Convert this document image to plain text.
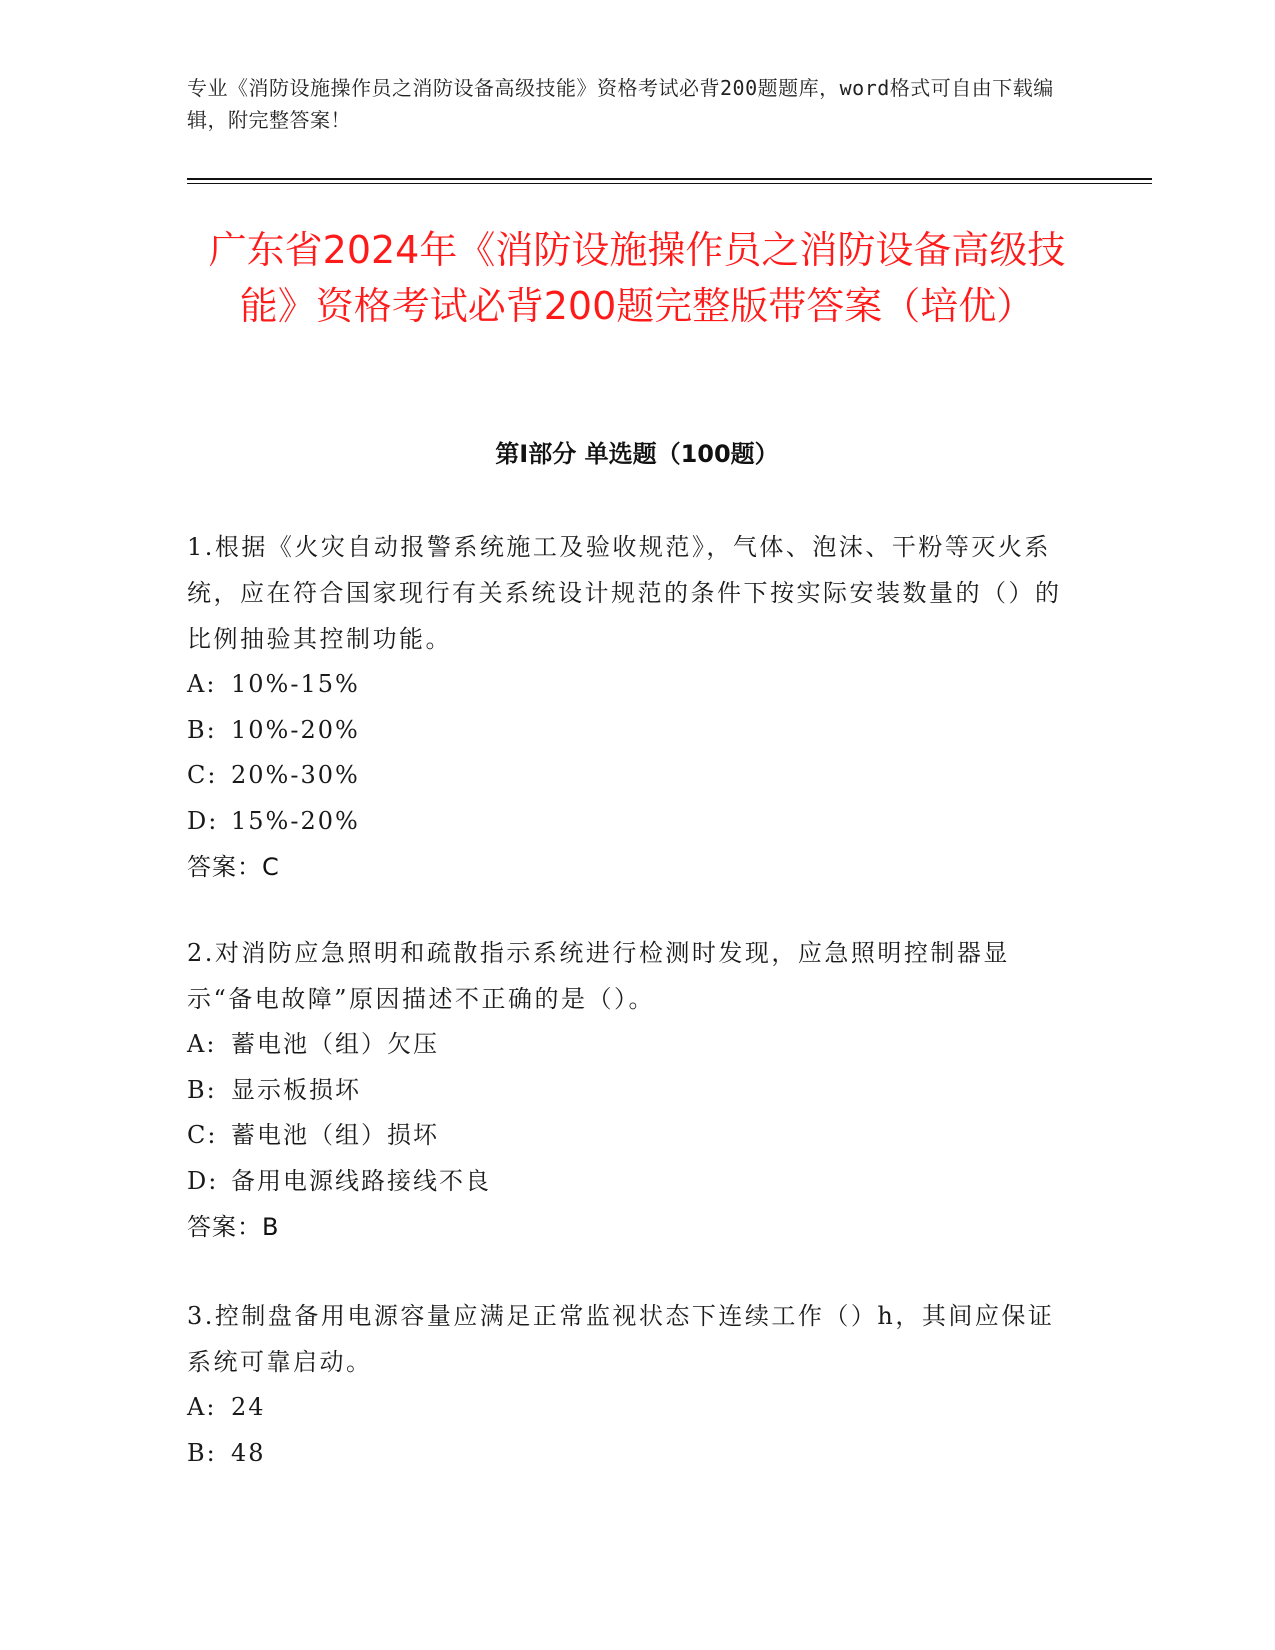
专业《消防设施操作员之消防设备高级技能》资格考试必背200题题库，word格式可自由下载编辑，附完整答案！
广东省2024年《消防设施操作员之消防设备高级技能》资格考试必背200题完整版带答案（培优）
第Ⅰ部分 单选题（100题）
1.根据《火灾自动报警系统施工及验收规范》，气体、泡沫、干粉等灭火系统，应在符合国家现行有关系统设计规范的条件下按实际安装数量的（）的比例抽验其控制功能。
A: 10%-15%
B: 10%-20%
C: 20%-30%
D: 15%-20%
答案：C
2.对消防应急照明和疏散指示系统进行检测时发现，应急照明控制器显示“备电故障”原因描述不正确的是（）。
A: 蓄电池（组）欠压
B: 显示板损坏
C: 蓄电池（组）损坏
D: 备用电源线路接线不良
答案：B
3.控制盘备用电源容量应满足正常监视状态下连续工作（）h，其间应保证系统可靠启动。
A: 24
B: 48
